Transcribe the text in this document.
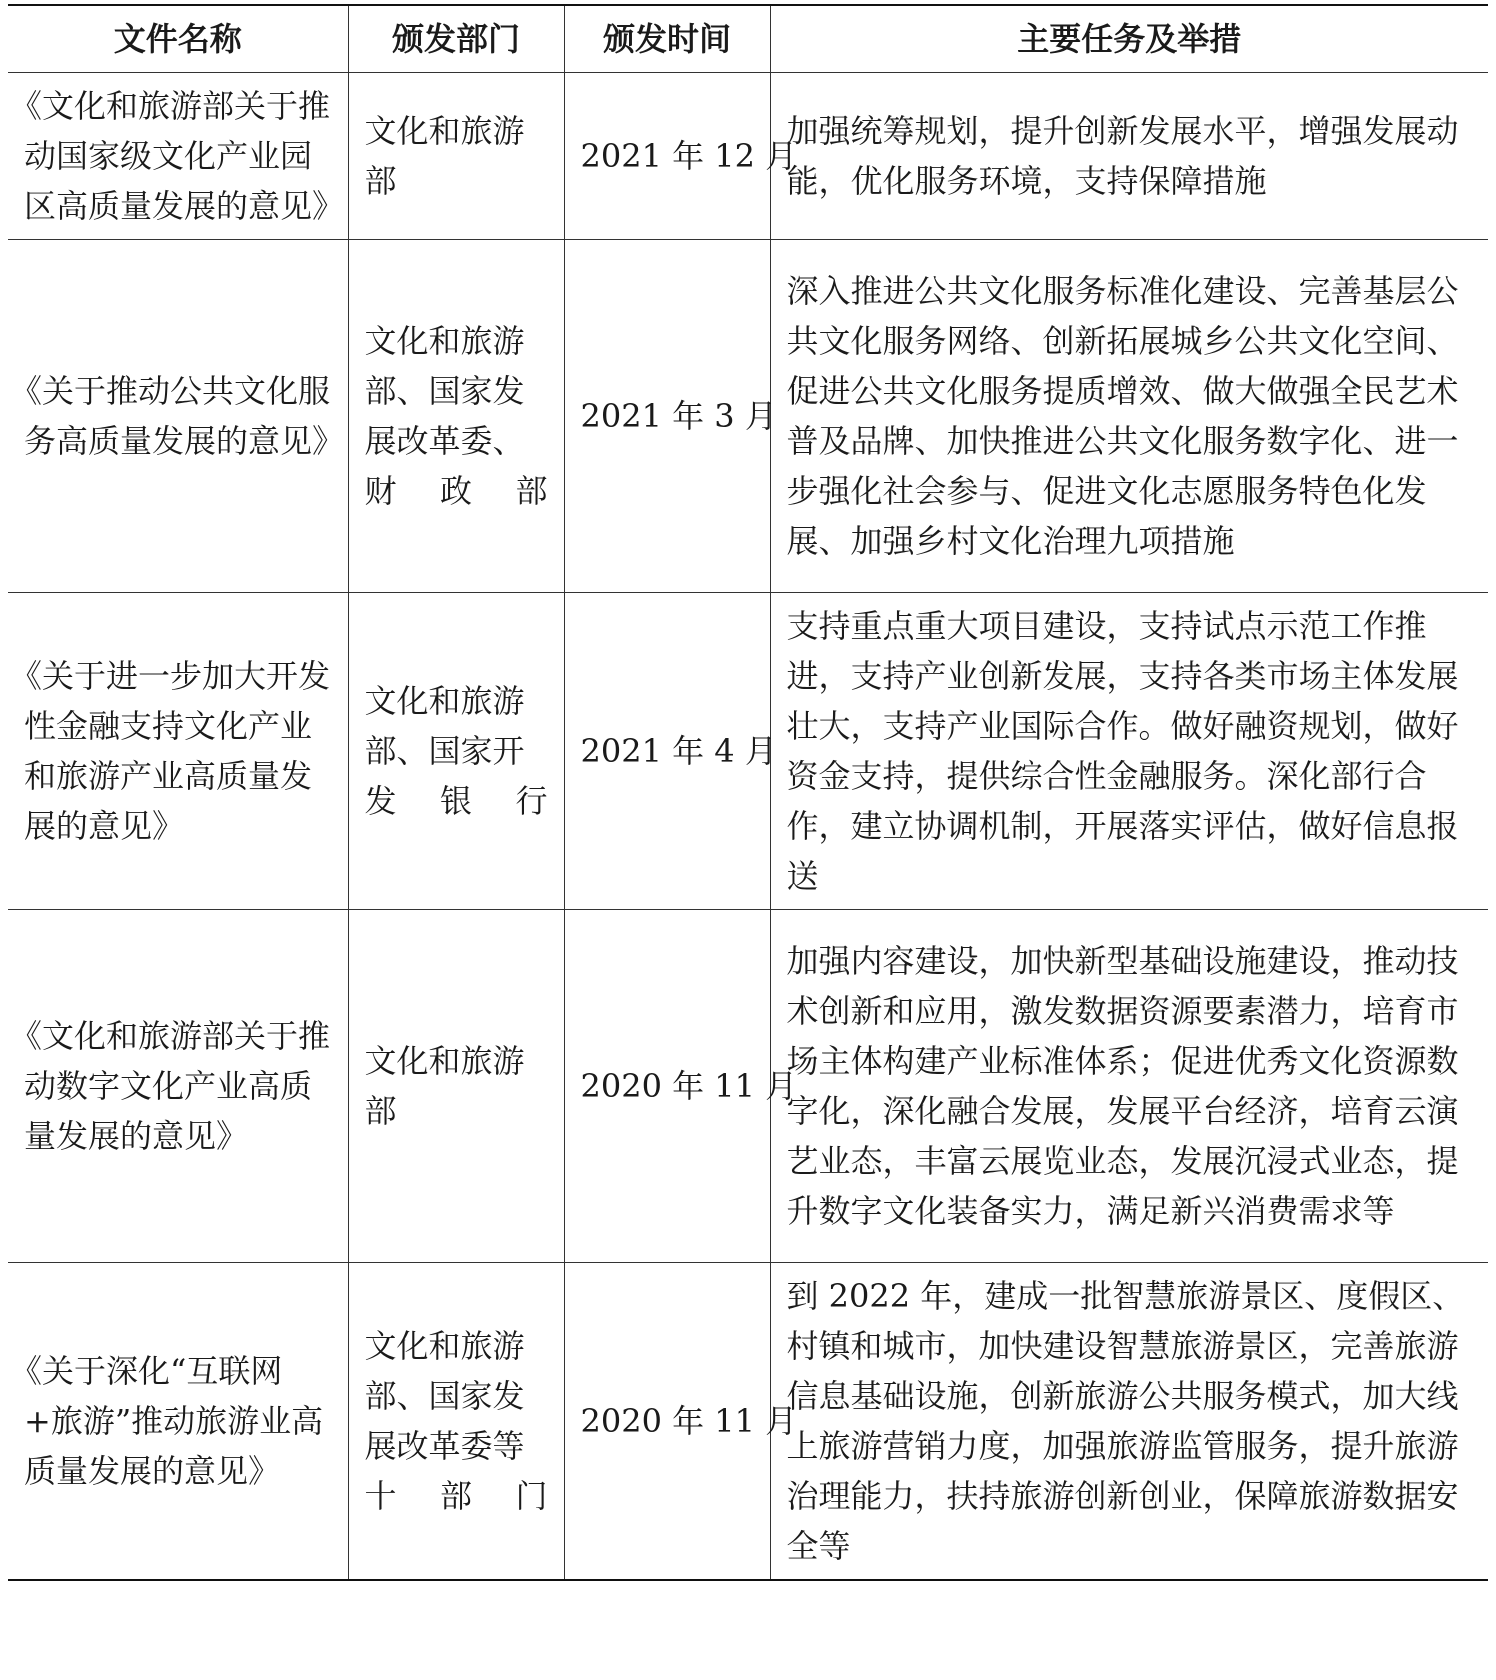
文件名称	颁发部门	颁发时间	主要任务及举措
《文化和旅游部关于推动国家级文化产业园区高质量发展的意见》	文化和旅游部	2021 年 12 月	加强统筹规划，提升创新发展水平，增强发展动能，优化服务环境，支持保障措施
《关于推动公共文化服务高质量发展的意见》	文化和旅游部、国家发展改革委、财政部	2021 年 3 月	深入推进公共文化服务标准化建设、完善基层公共文化服务网络、创新拓展城乡公共文化空间、促进公共文化服务提质增效、做大做强全民艺术普及品牌、加快推进公共文化服务数字化、进一步强化社会参与、促进文化志愿服务特色化发展、加强乡村文化治理九项措施
《关于进一步加大开发性金融支持文化产业和旅游产业高质量发展的意见》	文化和旅游部、国家开发银行	2021 年 4 月	支持重点重大项目建设，支持试点示范工作推进，支持产业创新发展，支持各类市场主体发展壮大，支持产业国际合作。做好融资规划，做好资金支持，提供综合性金融服务。深化部行合作，建立协调机制，开展落实评估，做好信息报送
《文化和旅游部关于推动数字文化产业高质量发展的意见》	文化和旅游部	2020 年 11 月	加强内容建设，加快新型基础设施建设，推动技术创新和应用，激发数据资源要素潜力，培育市场主体构建产业标准体系；促进优秀文化资源数字化，深化融合发展，发展平台经济，培育云演艺业态，丰富云展览业态，发展沉浸式业态，提升数字文化装备实力，满足新兴消费需求等
《关于深化“互联网+旅游”推动旅游业高质量发展的意见》	文化和旅游部、国家发展改革委等十部门	2020 年 11 月	到 2022 年，建成一批智慧旅游景区、度假区、村镇和城市，加快建设智慧旅游景区，完善旅游信息基础设施，创新旅游公共服务模式，加大线上旅游营销力度，加强旅游监管服务，提升旅游治理能力，扶持旅游创新创业，保障旅游数据安全等
